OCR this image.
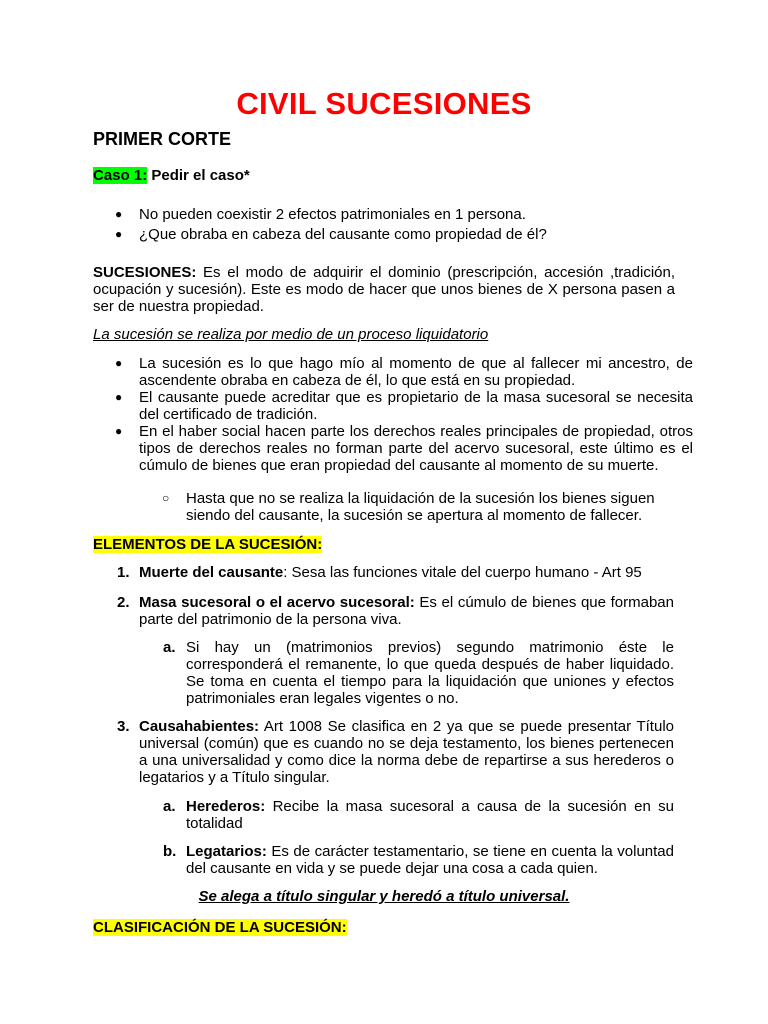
CIVIL SUCESIONES
PRIMER CORTE
Caso 1: Pedir el caso*
● No pueden coexistir 2 efectos patrimoniales en 1 persona.
● ¿Que obraba en cabeza del causante como propiedad de él?
SUCESIONES: Es el modo de adquirir el dominio (prescripción, accesión ,tradición, ocupación y sucesión). Este es modo de hacer que unos bienes de X persona pasen a ser de nuestra propiedad.
La sucesión se realiza por medio de un proceso liquidatorio
● La sucesión es lo que hago mío al momento de que al fallecer mi ancestro, de ascendente obraba en cabeza de él, lo que está en su propiedad.
● El causante puede acreditar que es propietario de la masa sucesoral se necesita del certificado de tradición.
● En el haber social hacen parte los derechos reales principales de propiedad, otros tipos de derechos reales no forman parte del acervo sucesoral, este último es el cúmulo de bienes que eran propiedad del causante al momento de su muerte.
○ Hasta que no se realiza la liquidación de la sucesión los bienes siguen siendo del causante, la sucesión se apertura al momento de fallecer.
ELEMENTOS DE LA SUCESIÓN:
1. Muerte del causante: Sesa las funciones vitale del cuerpo humano - Art 95
2. Masa sucesoral o el acervo sucesoral: Es el cúmulo de bienes que formaban parte del patrimonio de la persona viva.
a. Si hay un (matrimonios previos) segundo matrimonio éste le corresponderá el remanente, lo que queda después de haber liquidado. Se toma en cuenta el tiempo para la liquidación que uniones y efectos patrimoniales eran legales vigentes o no.
3. Causahabientes: Art 1008 Se clasifica en 2 ya que se puede presentar Título universal (común) que es cuando no se deja testamento, los bienes pertenecen a una universalidad y como dice la norma debe de repartirse a sus herederos o legatarios y a Título singular.
a. Herederos: Recibe la masa sucesoral a causa de la sucesión en su totalidad
b. Legatarios: Es de carácter testamentario, se tiene en cuenta la voluntad del causante en vida y se puede dejar una cosa a cada quien.
Se alega a título singular y heredó a título universal.
CLASIFICACIÓN DE LA SUCESIÓN:
